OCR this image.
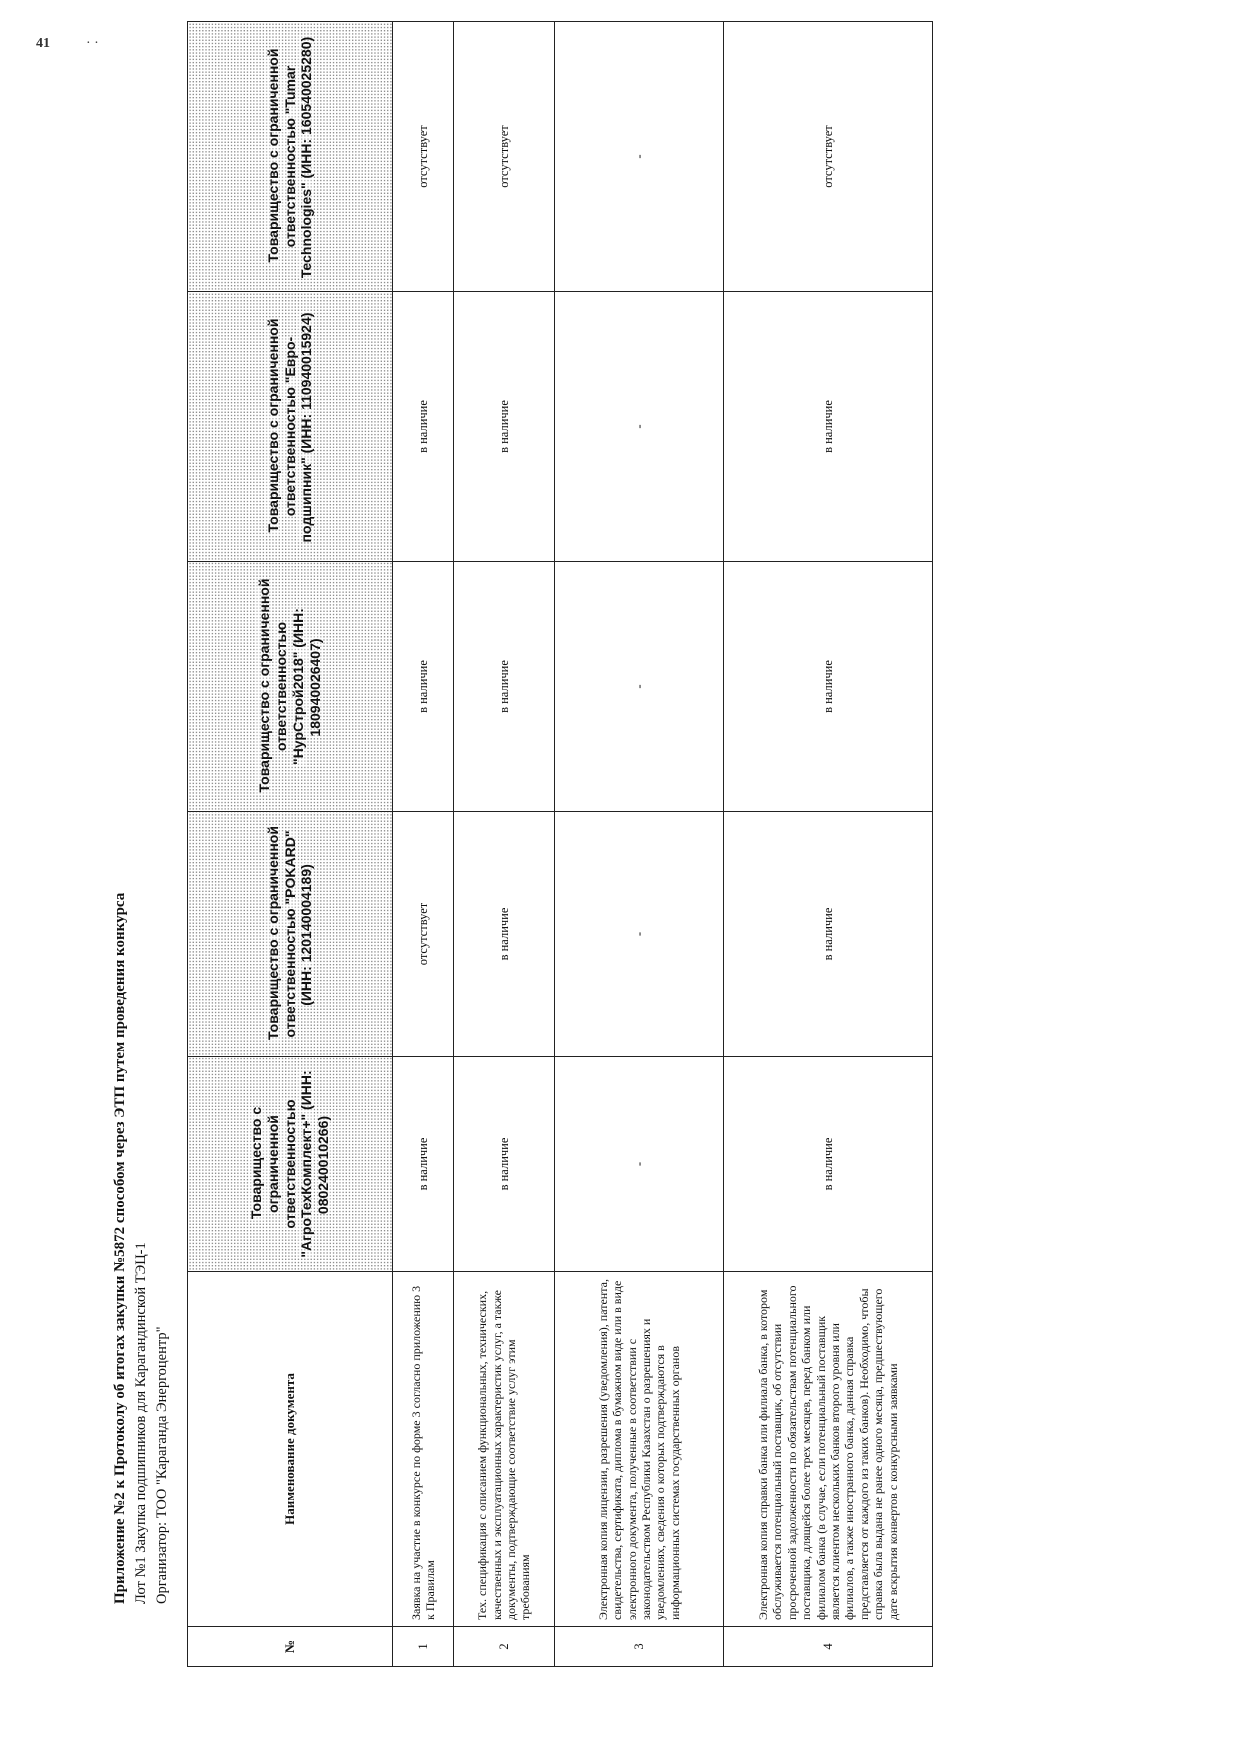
41	· ·
Приложение №2 к Протоколу об итогах закупки №5872 способом через ЭТП путем проведения конкурса Лот №1 Закупка подшипников для Карагандинской ТЭЦ-1 Организатор: ТОО "Караганда Энергоцентр"
№	Наименование документа	Товарищество с ограниченной ответственностью "АгроТехКомплект+" (ИНН: 080240010266)	Товарищество с ограниченной ответственностью "POKARD" (ИНН: 120140004189)	Товарищество с ограниченной ответственностью "НурСтрой2018" (ИНН: 180940026407)	Товарищество с ограниченной ответственностью "Евро-подшипник" (ИНН: 110940015924)	Товарищество с ограниченной ответственностью "Tumar Technologies" (ИНН: 160540025280)
1	Заявка на участие в конкурсе по форме 3 согласно приложению 3 к Правилам	в наличие	отсутствует	в наличие	в наличие	отсутствует
2	Тех. спецификация с описанием функциональных, технических, качественных и эксплуатационных характеристик услуг, а также документы, подтверждающие соответствие услуг этим требованиям	в наличие	в наличие	в наличие	в наличие	отсутствует
3	Электронная копия лицензии, разрешения (уведомления), патента, свидетельства, сертификата, диплома в бумажном виде или в виде электронного документа, полученные в соответствии с законодательством Республики Казахстан о разрешениях и уведомлениях, сведения о которых подтверждаются в информационных системах государственных органов	-	-	-	-	-
4	Электронная копия справки банка или филиала банка, в котором обслуживается потенциальный поставщик, об отсутствии просроченной задолженности по обязательствам потенциального поставщика, длящейся более трех месяцев, перед банком или филиалом банка (в случае, если потенциальный поставщик является клиентом нескольких банков второго уровня или филиалов, а также иностранного банка, данная справка представляется от каждого из таких банков). Необходимо, чтобы справка была выдана не ранее одного месяца, предшествующего дате вскрытия конвертов с конкурсными заявками	в наличие	в наличие	в наличие	в наличие	отсутствует
